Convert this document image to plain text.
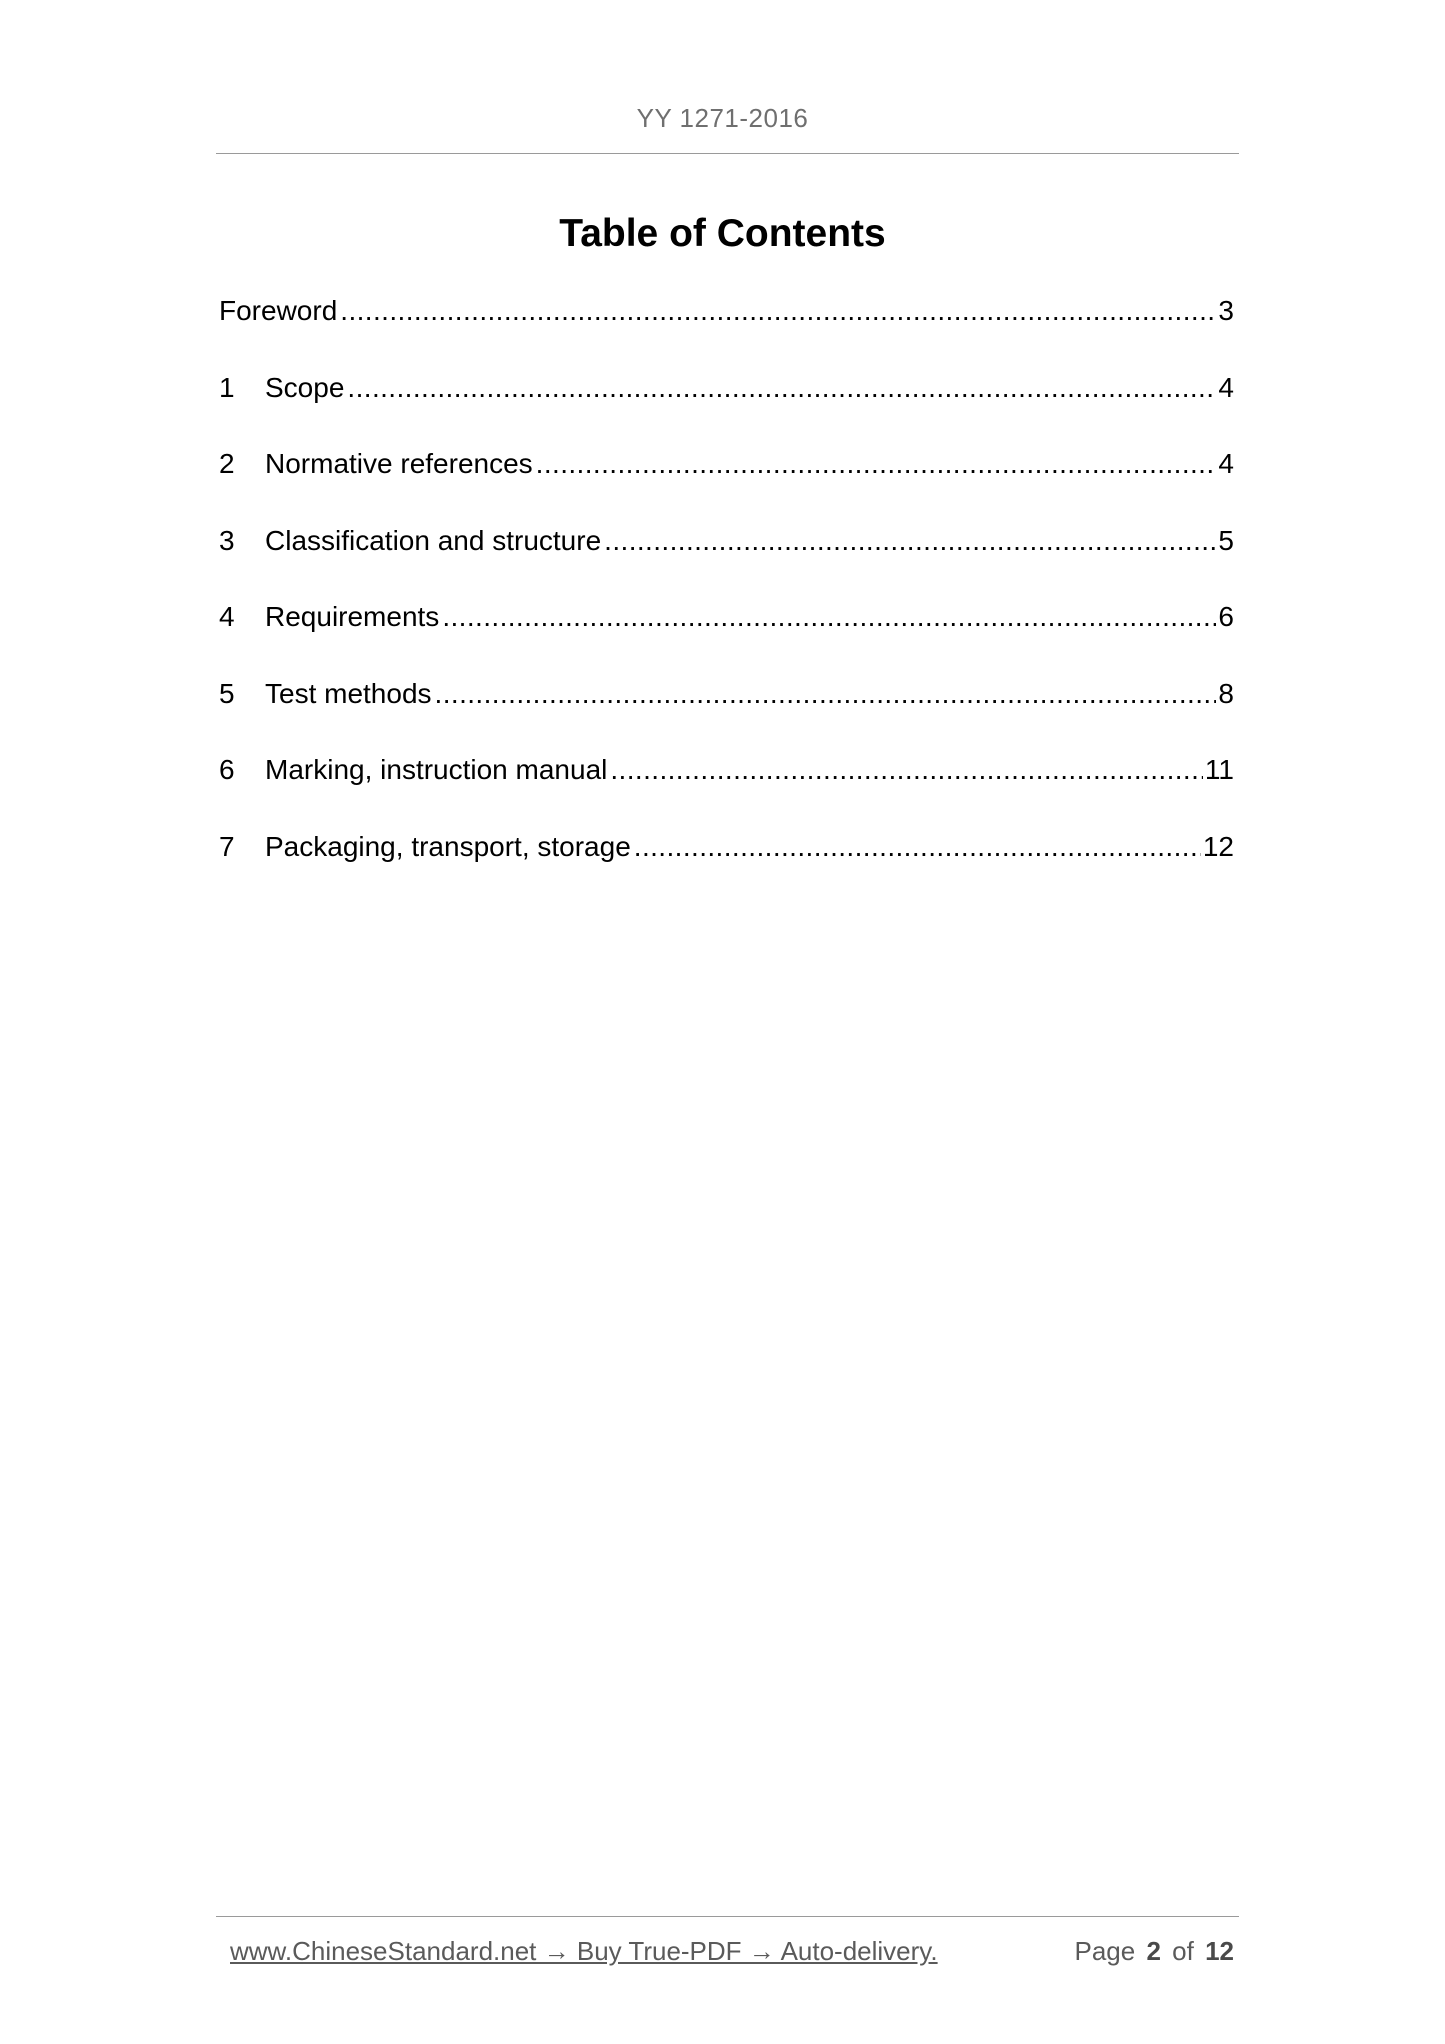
YY 1271-2016
Table of Contents
Foreword .....	3
1	Scope .....	4
2	Normative references .....	4
3	Classification and structure .....	5
4	Requirements .....	6
5	Test methods .....	8
6	Marking, instruction manual .....	11
7	Packaging, transport, storage .....	12
www.ChineseStandard.net → Buy True-PDF → Auto-delivery.	Page 2 of 12
